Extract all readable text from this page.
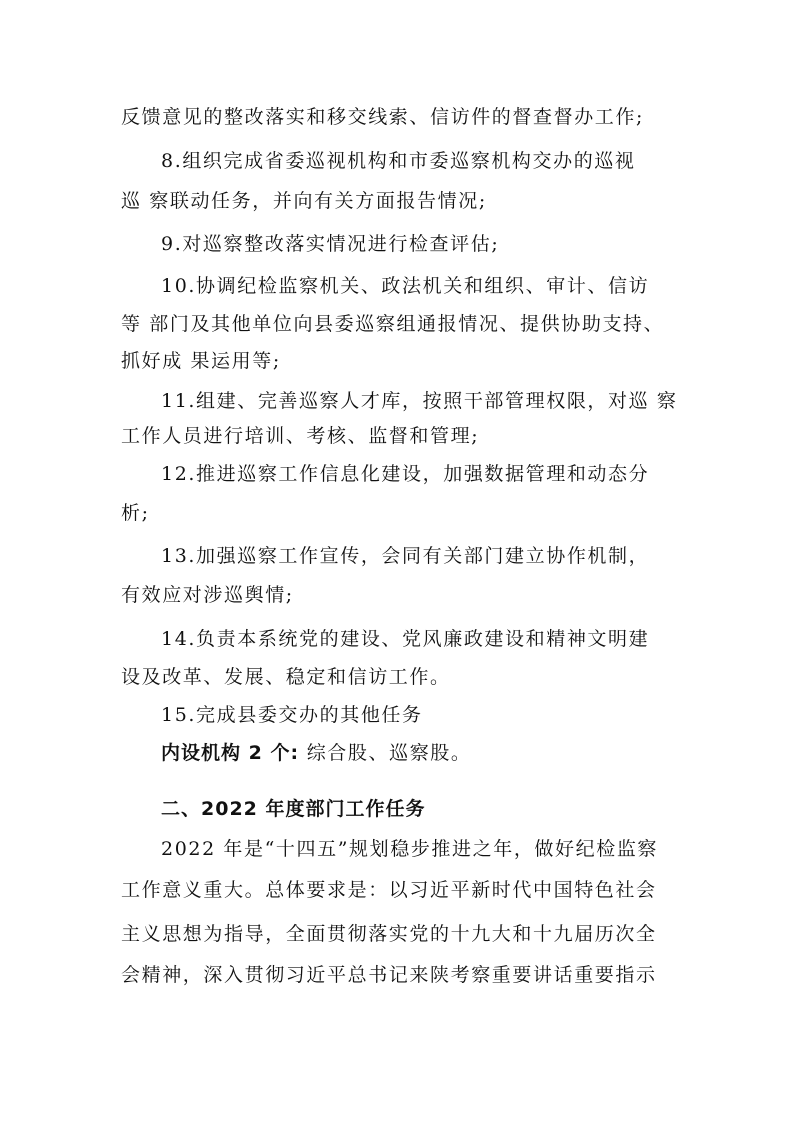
反馈意见的整改落实和移交线索、信访件的督查督办工作;
8.组织完成省委巡视机构和市委巡察机构交办的巡视
巡 察联动任务，并向有关方面报告情况;
9.对巡察整改落实情况进行检查评估;
10.协调纪检监察机关、政法机关和组织、审计、信访
等 部门及其他单位向县委巡察组通报情况、提供协助支持、
抓好成 果运用等;
11.组建、完善巡察人才库，按照干部管理权限，对巡 察
工作人员进行培训、考核、监督和管理;
12.推进巡察工作信息化建设，加强数据管理和动态分
析;
13.加强巡察工作宣传，会同有关部门建立协作机制，
有效应对涉巡舆情;
14.负责本系统党的建设、党风廉政建设和精神文明建
设及改革、发展、稳定和信访工作。
15.完成县委交办的其他任务
内设机构 2 个: 综合股、巡察股。
二、2022 年度部门工作任务
2022 年是“十四五”规划稳步推进之年，做好纪检监察
工作意义重大。总体要求是：以习近平新时代中国特色社会
主义思想为指导，全面贯彻落实党的十九大和十九届历次全
会精神，深入贯彻习近平总书记来陕考察重要讲话重要指示
